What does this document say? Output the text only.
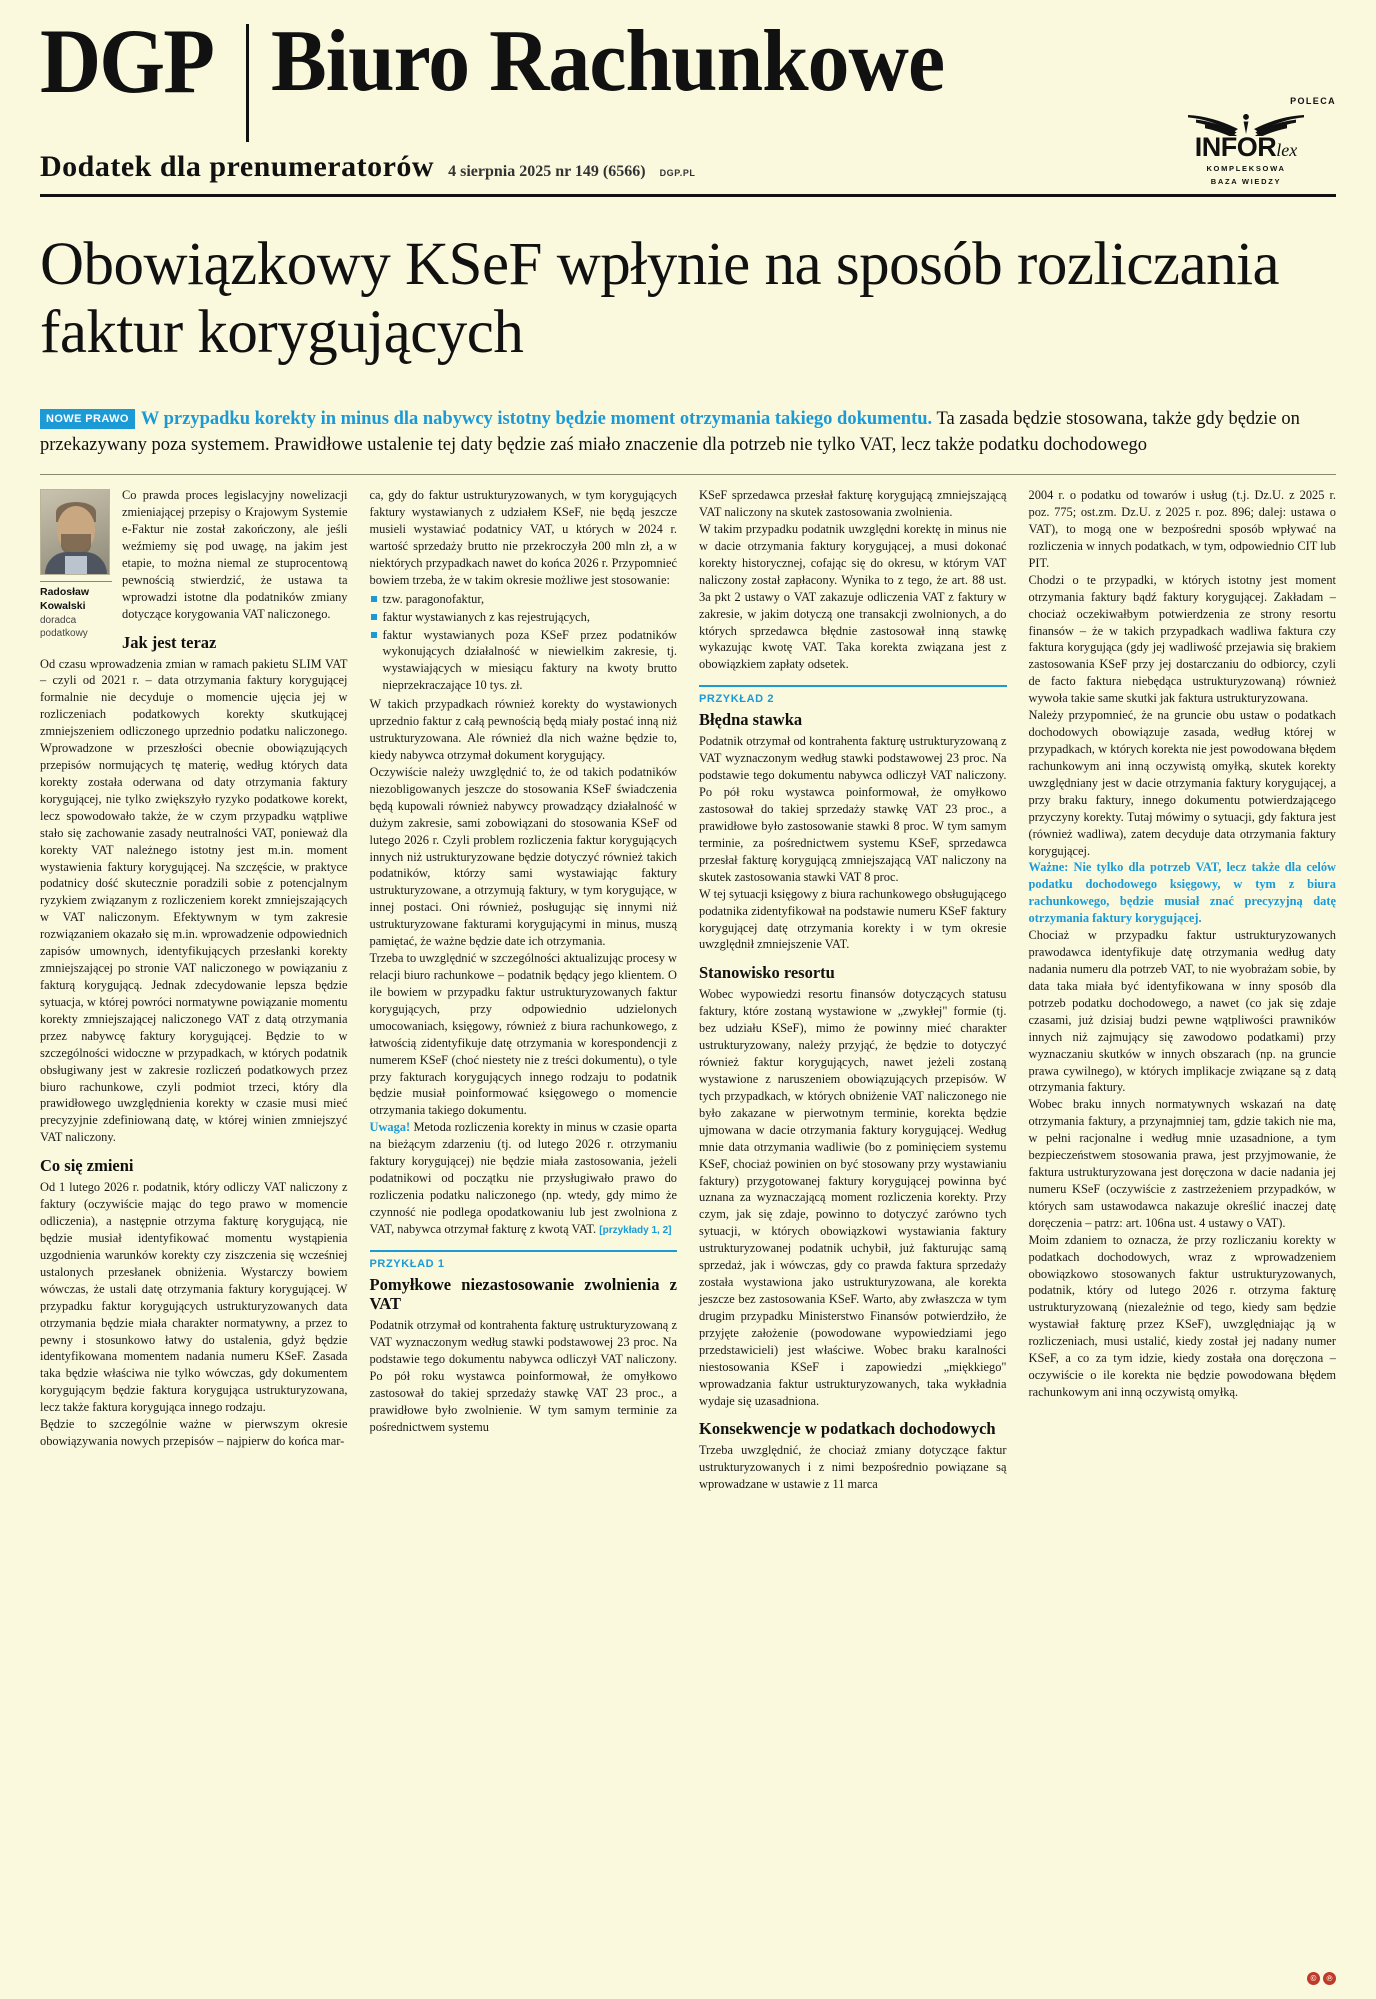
DGP Biuro Rachunkowe	POLECA
INFORlex
KOMPLEKSOWA
BAZA WIEDZY
Dodatek dla prenumeratorów 4 sierpnia 2025 nr 149 (6566) DGP.PL
Obowiązkowy KSeF wpłynie na sposób rozliczania faktur korygujących
NOWE PRAWO W przypadku korekty in minus dla nabywcy istotny będzie moment otrzymania takiego dokumentu. Ta zasada będzie stosowana, także gdy będzie on przekazywany poza systemem. Prawidłowe ustalenie tej daty będzie zaś miało znaczenie dla potrzeb nie tylko VAT, lecz także podatku dochodowego
Radosław Kowalski
doradca podatkowy

Co prawda proces legislacyjny nowelizacji zmieniającej przepisy o Krajowym Systemie e-Faktur nie został zakończony, ale jeśli weźmiemy się pod uwagę, na jakim jest etapie, to można niemal ze stuprocentową pewnością stwierdzić, że ustawa ta wprowadzi istotne dla podatników zmiany dotyczące korygowania VAT naliczonego.

Jak jest teraz

Od czasu wprowadzenia zmian w ramach pakietu SLIM VAT – czyli od 2021 r. – data otrzymania faktury korygującej formalnie nie decyduje o momencie ujęcia jej w rozliczeniach podatkowych korekty skutkującej zmniejszeniem odliczonego uprzednio podatku naliczonego. Wprowadzone w przeszłości obecnie obowiązujących przepisów normujących tę materię, według których data korekty została oderwana od daty otrzymania faktury korygującej, nie tylko zwiększyło ryzyko podatkowe korekt, lecz spowodowało także, że w czym przypadku wątpliwe stało się zachowanie zasady neutralności VAT, ponieważ dla korekty VAT należnego istotny jest m.in. moment wystawienia faktury korygującej. Na szczęście, w praktyce podatnicy dość skutecznie poradzili sobie z potencjalnym ryzykiem związanym z rozliczeniem korekt zmniejszających w VAT naliczonym. Efektywnym w tym zakresie rozwiązaniem okazało się m.in. wprowadzenie odpowiednich zapisów umownych, identyfikujących przesłanki korekty zmniejszającej po stronie VAT naliczonego w powiązaniu z fakturą korygującą. Jednak zdecydowanie lepsza będzie sytuacja, w której powróci normatywne powiązanie momentu korekty zmniejszającej naliczonego VAT z datą otrzymania przez nabywcę faktury korygującej. Będzie to w szczególności widoczne w przypadkach, w których podatnik obsługiwany jest w zakresie rozliczeń podatkowych przez biuro rachunkowe, czyli podmiot trzeci, który dla prawidłowego uwzględnienia korekty w czasie musi mieć precyzyjnie zdefiniowaną datę, w której winien zmniejszyć VAT naliczony.

Co się zmieni

Od 1 lutego 2026 r. podatnik, który odliczy VAT naliczony z faktury (oczywiście mając do tego prawo w momencie odliczenia), a następnie otrzyma fakturę korygującą, nie będzie musiał identyfikować momentu wystąpienia uzgodnienia warunków korekty czy ziszczenia się wcześniej ustalonych przesłanek obniżenia. Wystarczy bowiem wówczas, że ustali datę otrzymania faktury korygującej. W przypadku faktur korygujących ustrukturyzowanych data otrzymania będzie miała charakter normatywny, a przez to pewny i stosunkowo łatwy do ustalenia, gdyż będzie identyfikowana momentem nadania numeru KSeF. Zasada taka będzie właściwa nie tylko wówczas, gdy dokumentem korygującym będzie faktura korygująca ustrukturyzowana, lecz także faktura korygująca innego rodzaju.

Będzie to szczególnie ważne w pierwszym okresie obowiązywania nowych przepisów – najpierw do końca mar-

ca, gdy do faktur ustrukturyzowanych, w tym korygujących faktury wystawianych z udziałem KSeF, nie będą jeszcze musieli wystawiać podatnicy VAT, u których w 2024 r. wartość sprzedaży brutto nie przekroczyła 200 mln zł, a w niektórych przypadkach nawet do końca 2026 r. Przypomnieć bowiem trzeba, że w takim okresie możliwe jest stosowanie:

tzw. paragonofaktur,
faktur wystawianych z kas rejestrujących,
faktur wystawianych poza KSeF przez podatników wykonujących działalność w niewielkim zakresie, tj. wystawiających w miesiącu faktury na kwoty brutto nieprzekraczające 10 tys. zł.

W takich przypadkach również korekty do wystawionych uprzednio faktur z całą pewnością będą miały postać inną niż ustrukturyzowana. Ale również dla nich ważne będzie to, kiedy nabywca otrzymał dokument korygujący.

Oczywiście należy uwzględnić to, że od takich podatników niezobligowanych jeszcze do stosowania KSeF świadczenia będą kupowali również nabywcy prowadzący działalność w dużym zakresie, sami zobowiązani do stosowania KSeF od lutego 2026 r. Czyli problem rozliczenia faktur korygujących innych niż ustrukturyzowane będzie dotyczyć również takich podatników, którzy sami wystawiając faktury ustrukturyzowane, a otrzymują faktury, w tym korygujące, w innej postaci. Oni również, posługując się innymi niż ustrukturyzowane fakturami korygującymi in minus, muszą pamiętać, że ważne będzie date ich otrzymania.

Trzeba to uwzględnić w szczególności aktualizując procesy w relacji biuro rachunkowe – podatnik będący jego klientem. O ile bowiem w przypadku faktur ustrukturyzowanych faktur korygujących, przy odpowiednio udzielonych umocowaniach, księgowy, również z biura rachunkowego, z łatwością zidentyfikuje datę otrzymania w korespondencji z numerem KSeF (choć niestety nie z treści dokumentu), o tyle przy fakturach korygujących innego rodzaju to podatnik będzie musiał poinformować księgowego o momencie otrzymania takiego dokumentu.

Uwaga! Metoda rozliczenia korekty in minus w czasie oparta na bieżącym zdarzeniu (tj. od lutego 2026 r. otrzymaniu faktury korygującej) nie będzie miała zastosowania, jeżeli podatnikowi od początku nie przysługiwało prawo do rozliczenia podatku naliczonego (np. wtedy, gdy mimo że czynność nie podlega opodatkowaniu lub jest zwolniona z VAT, nabywca otrzymał fakturę z kwotą VAT. [przykłady 1, 2]

PRZYKŁAD 1
Pomyłkowe niezastosowanie zwolnienia z VAT
Podatnik otrzymał od kontrahenta fakturę ustrukturyzowaną z VAT wyznaczonym według stawki podstawowej 23 proc. Na podstawie tego dokumentu nabywca odliczył VAT naliczony. Po pół roku wystawca poinformował, że omyłkowo zastosował do takiej sprzedaży stawkę VAT 23 proc., a prawidłowe było zwolnienie. W tym samym terminie za pośrednictwem systemu

KSeF sprzedawca przesłał fakturę korygującą zmniejszającą VAT naliczony na skutek zastosowania zwolnienia.

W takim przypadku podatnik uwzględni korektę in minus nie w dacie otrzymania faktury korygującej, a musi dokonać korekty historycznej, cofając się do okresu, w którym VAT naliczony został zapłacony. Wynika to z tego, że art. 88 ust. 3a pkt 2 ustawy o VAT zakazuje odliczenia VAT z faktury w zakresie, w jakim dotyczą one transakcji zwolnionych, a do których sprzedawca błędnie zastosował inną stawkę wykazując kwotę VAT. Taka korekta związana jest z obowiązkiem zapłaty odsetek.

PRZYKŁAD 2
Błędna stawka
Podatnik otrzymał od kontrahenta fakturę ustrukturyzowaną z VAT wyznaczonym według stawki podstawowej 23 proc. Na podstawie tego dokumentu nabywca odliczył VAT naliczony. Po pół roku wystawca poinformował, że omyłkowo zastosował do takiej sprzedaży stawkę VAT 23 proc., a prawidłowe było zastosowanie stawki 8 proc. W tym samym terminie, za pośrednictwem systemu KSeF, sprzedawca przesłał fakturę korygującą zmniejszającą VAT naliczony na skutek zastosowania stawki VAT 8 proc.

W tej sytuacji księgowy z biura rachunkowego obsługującego podatnika zidentyfikował na podstawie numeru KSeF faktury korygującej datę otrzymania korekty i w tym okresie uwzględnił zmniejszenie VAT.

Stanowisko resortu

Wobec wypowiedzi resortu finansów dotyczących statusu faktury, które zostaną wystawione w „zwykłej" formie (tj. bez udziału KSeF), mimo że powinny mieć charakter ustrukturyzowany, należy przyjąć, że będzie to dotyczyć również faktur korygujących, nawet jeżeli zostaną wystawione z naruszeniem obowiązujących przepisów. W tych przypadkach, w których obniżenie VAT naliczonego nie było zakazane w pierwotnym terminie, korekta będzie ujmowana w dacie otrzymania faktury korygującej. Według mnie data otrzymania wadliwie (bo z pominięciem systemu KSeF, chociaż powinien on być stosowany przy wystawianiu faktury) przygotowanej faktury korygującej powinna być uznana za wyznaczającą moment rozliczenia korekty. Przy czym, jak się zdaje, powinno to dotyczyć zarówno tych sytuacji, w których obowiązkowi wystawiania faktury ustrukturyzowanej podatnik uchybił, już fakturując samą sprzedaż, jak i wówczas, gdy co prawda faktura sprzedaży została wystawiona jako ustrukturyzowana, ale korekta jeszcze bez zastosowania KSeF. Warto, aby zwłaszcza w tym drugim przypadku Ministerstwo Finansów potwierdziło, że przyjęte założenie (powodowane wypowiedziami jego przedstawicieli) jest właściwe. Wobec braku karalności niestosowania KSeF i zapowiedzi „miękkiego" wprowadzania faktur ustrukturyzowanych, taka wykładnia wydaje się uzasadniona.

Konsekwencje w podatkach dochodowych

Trzeba uwzględnić, że chociaż zmiany dotyczące faktur ustrukturyzowanych i z nimi bezpośrednio powiązane są wprowadzane w ustawie z 11 marca

2004 r. o podatku od towarów i usług (t.j. Dz.U. z 2025 r. poz. 775; ost.zm. Dz.U. z 2025 r. poz. 896; dalej: ustawa o VAT), to mogą one w bezpośredni sposób wpływać na rozliczenia w innych podatkach, w tym, odpowiednio CIT lub PIT.

Chodzi o te przypadki, w których istotny jest moment otrzymania faktury bądź faktury korygującej. Zakładam – chociaż oczekiwałbym potwierdzenia ze strony resortu finansów – że w takich przypadkach wadliwa faktura czy faktura korygująca (gdy jej wadliwość przejawia się brakiem zastosowania KSeF przy jej dostarczaniu do odbiorcy, czyli de facto faktura niebędąca ustrukturyzowaną) również wywoła takie same skutki jak faktura ustrukturyzowana.

Należy przypomnieć, że na gruncie obu ustaw o podatkach dochodowych obowiązuje zasada, według której w przypadkach, w których korekta nie jest powodowana błędem rachunkowym ani inną oczywistą omyłką, skutek korekty uwzględniany jest w dacie otrzymania faktury korygującej, a przy braku faktury, innego dokumentu potwierdzającego przyczyny korekty. Tutaj mówimy o sytuacji, gdy faktura jest (również wadliwa), zatem decyduje data otrzymania faktury korygującej.

Ważne: Nie tylko dla potrzeb VAT, lecz także dla celów podatku dochodowego księgowy, w tym z biura rachunkowego, będzie musiał znać precyzyjną datę otrzymania faktury korygującej.

Chociaż w przypadku faktur ustrukturyzowanych prawodawca identyfikuje datę otrzymania według daty nadania numeru dla potrzeb VAT, to nie wyobrażam sobie, by data taka miała być identyfikowana w inny sposób dla potrzeb podatku dochodowego, a nawet (co jak się zdaje czasami, już dzisiaj budzi pewne wątpliwości prawników innych niż zajmujący się zawodowo podatkami) przy wyznaczaniu skutków w innych obszarach (np. na gruncie prawa cywilnego), w których implikacje związane są z datą otrzymania faktury.

Wobec braku innych normatywnych wskazań na datę otrzymania faktury, a przynajmniej tam, gdzie takich nie ma, w pełni racjonalne i według mnie uzasadnione, a tym bezpieczeństwem stosowania prawa, jest przyjmowanie, że faktura ustrukturyzowana jest doręczona w dacie nadania jej numeru KSeF (oczywiście z zastrzeżeniem przypadków, w których sam ustawodawca nakazuje określić inaczej datę doręczenia – patrz: art. 106na ust. 4 ustawy o VAT).

Moim zdaniem to oznacza, że przy rozliczaniu korekty w podatkach dochodowych, wraz z wprowadzeniem obowiązkowo stosowanych faktur ustrukturyzowanych, podatnik, który od lutego 2026 r. otrzyma fakturę ustrukturyzowaną (niezależnie od tego, kiedy sam będzie wystawiał fakturę przez KSeF), uwzględniając ją w rozliczeniach, musi ustalić, kiedy został jej nadany numer KSeF, a co za tym idzie, kiedy została ona doręczona – oczywiście o ile korekta nie będzie powodowana błędem rachunkowym ani inną oczywistą omyłką.

©	℗
